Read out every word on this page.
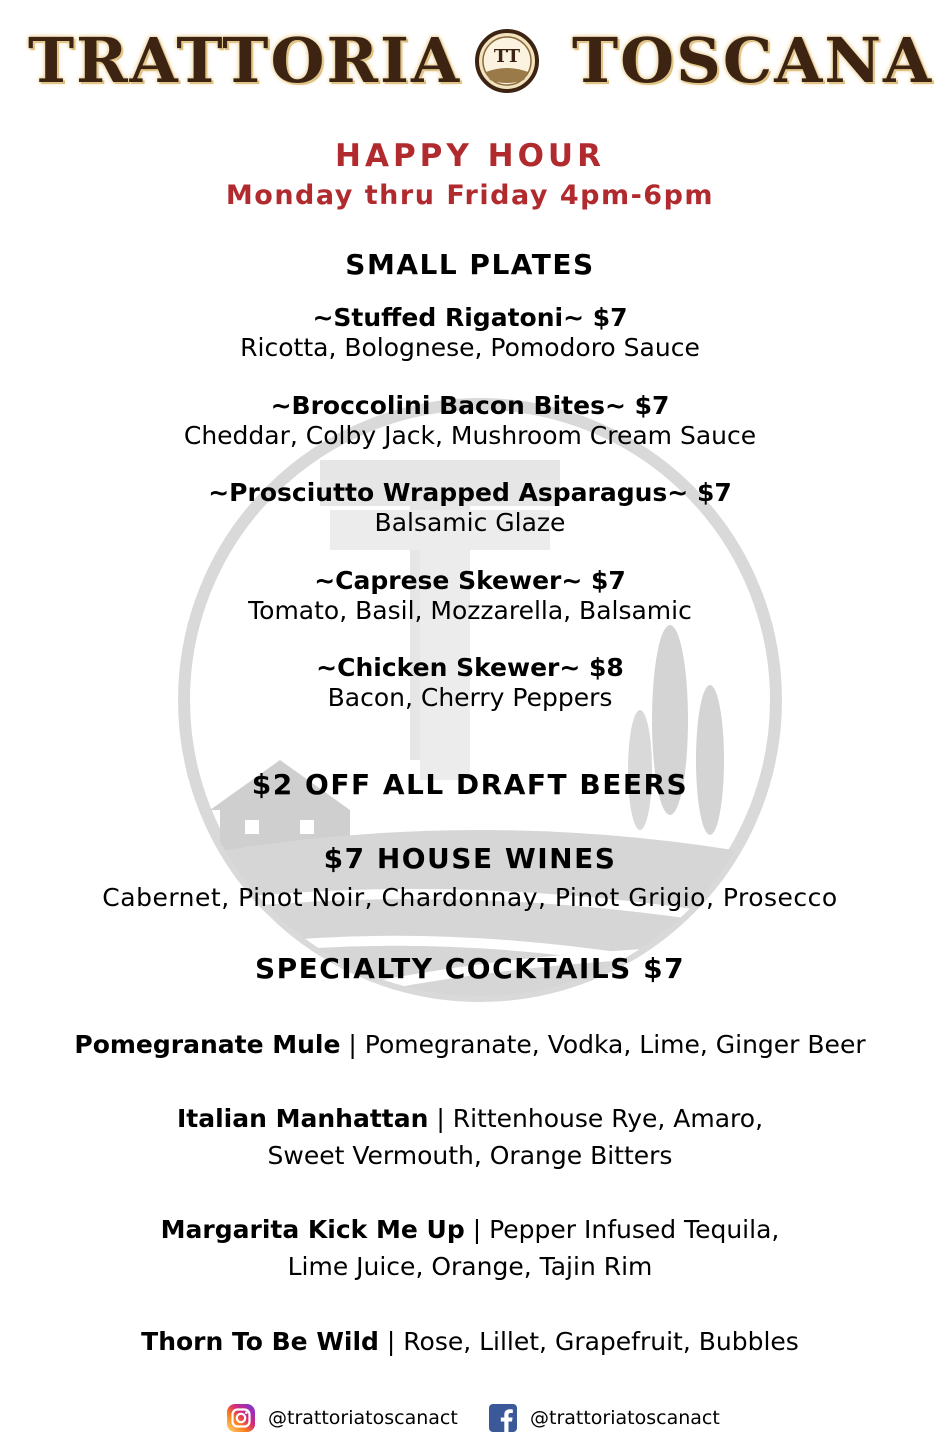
TRATTORIA TT TOSCANA
HAPPY HOUR
Monday thru Friday 4pm-6pm
SMALL PLATES
~Stuffed Rigatoni~ $7
Ricotta, Bolognese, Pomodoro Sauce
~Broccolini Bacon Bites~ $7
Cheddar, Colby Jack, Mushroom Cream Sauce
~Prosciutto Wrapped Asparagus~ $7
Balsamic Glaze
~Caprese Skewer~ $7
Tomato, Basil, Mozzarella, Balsamic
~Chicken Skewer~ $8
Bacon, Cherry Peppers
$2 OFF ALL DRAFT BEERS
$7 HOUSE WINES
Cabernet, Pinot Noir, Chardonnay, Pinot Grigio, Prosecco
SPECIALTY COCKTAILS $7
Pomegranate Mule | Pomegranate, Vodka, Lime, Ginger Beer
Italian Manhattan | Rittenhouse Rye, Amaro,
Sweet Vermouth, Orange Bitters
Margarita Kick Me Up | Pepper Infused Tequila,
Lime Juice, Orange, Tajin Rim
Thorn To Be Wild | Rose, Lillet, Grapefruit, Bubbles
@trattoriatoscanact	@trattoriatoscanact
